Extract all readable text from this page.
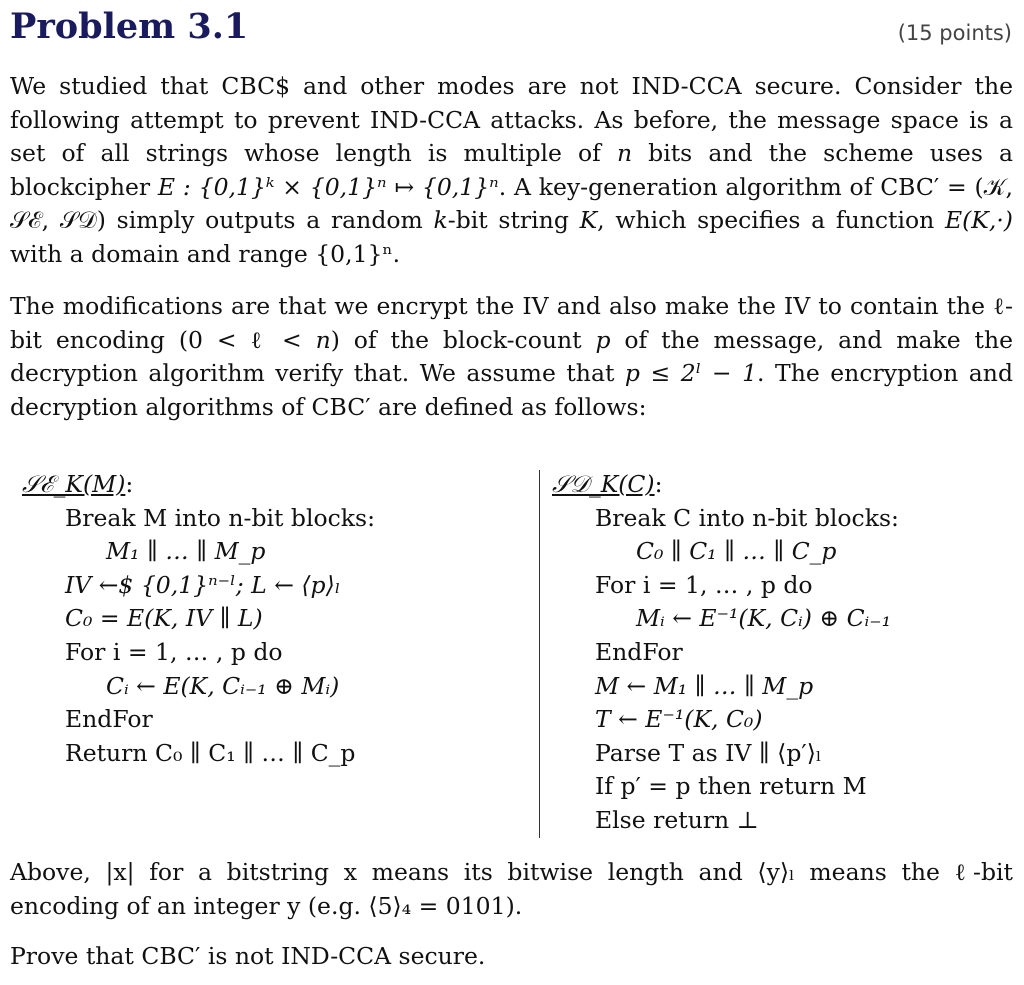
Problem 3.1	(15 points)
We studied that CBC$ and other modes are not IND-CCA secure. Consider the following attempt to prevent IND-CCA attacks. As before, the message space is a set of all strings whose length is multiple of n bits and the scheme uses a blockcipher E : {0,1}ᵏ × {0,1}ⁿ ↦ {0,1}ⁿ. A key-generation algorithm of CBC′ = (𝒦, 𝒮ℰ, 𝒮𝒟) simply outputs a random k-bit string K, which specifies a function E(K,·) with a domain and range {0,1}ⁿ.
The modifications are that we encrypt the IV and also make the IV to contain the ℓ-bit encoding (0 < ℓ < n) of the block-count p of the message, and make the decryption algorithm verify that. We assume that p ≤ 2ˡ − 1. The encryption and decryption algorithms of CBC′ are defined as follows:
𝒮ℰ_K(M):
Break M into n-bit blocks:
M₁ ∥ … ∥ M_p
IV ←$ {0,1}ⁿ⁻ˡ; L ← ⟨p⟩ₗ
C₀ = E(K, IV ∥ L)
For i = 1, … , p do
Cᵢ ← E(K, Cᵢ₋₁ ⊕ Mᵢ)
EndFor
Return C₀ ∥ C₁ ∥ … ∥ C_p
𝒮𝒟_K(C):
Break C into n-bit blocks:
C₀ ∥ C₁ ∥ … ∥ C_p
For i = 1, … , p do
Mᵢ ← E⁻¹(K, Cᵢ) ⊕ Cᵢ₋₁
EndFor
M ← M₁ ∥ … ∥ M_p
T ← E⁻¹(K, C₀)
Parse T as IV ∥ ⟨p′⟩ₗ
If p′ = p then return M
Else return ⊥
Above, |x| for a bitstring x means its bitwise length and ⟨y⟩ₗ means the ℓ-bit encoding of an integer y (e.g. ⟨5⟩₄ = 0101).
Prove that CBC′ is not IND-CCA secure.
